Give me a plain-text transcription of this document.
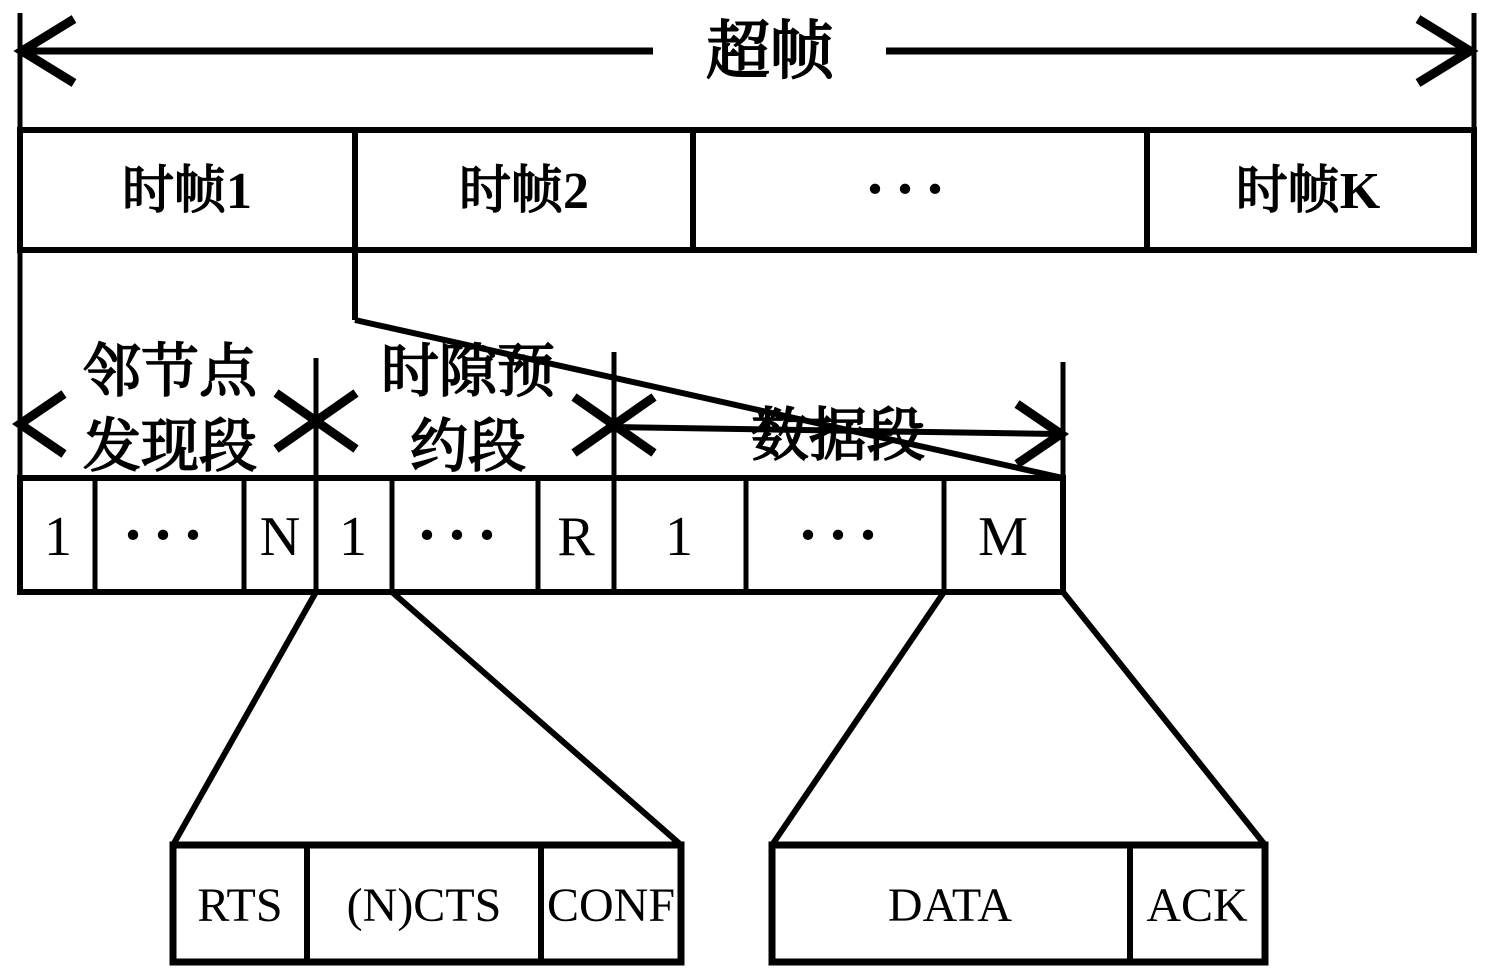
超帧
时帧1	时帧2	...	时帧K
邻节点
发现段
时隙预
约段	数据段
1 ... N 1 ... R 1 ... M
RTS (N)CTS CONF	DATA	ACK
